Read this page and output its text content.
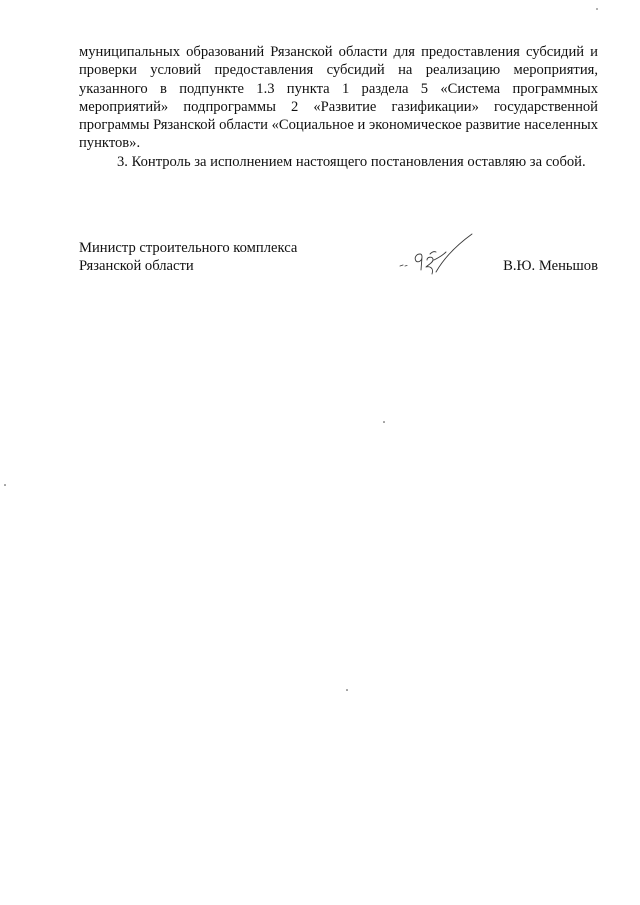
муниципальных образований Рязанской области для предоставления субсидий и проверки условий предоставления субсидий на реализацию мероприятия, указанного в подпункте 1.3 пункта 1 раздела 5 «Система программных мероприятий» подпрограммы 2 «Развитие газификации» государственной программы Рязанской области «Социальное и экономическое развитие населенных пунктов».

3. Контроль за исполнением настоящего постановления оставляю за собой.

Министр строительного комплекса
Рязанской области	В.Ю. Меньшов
